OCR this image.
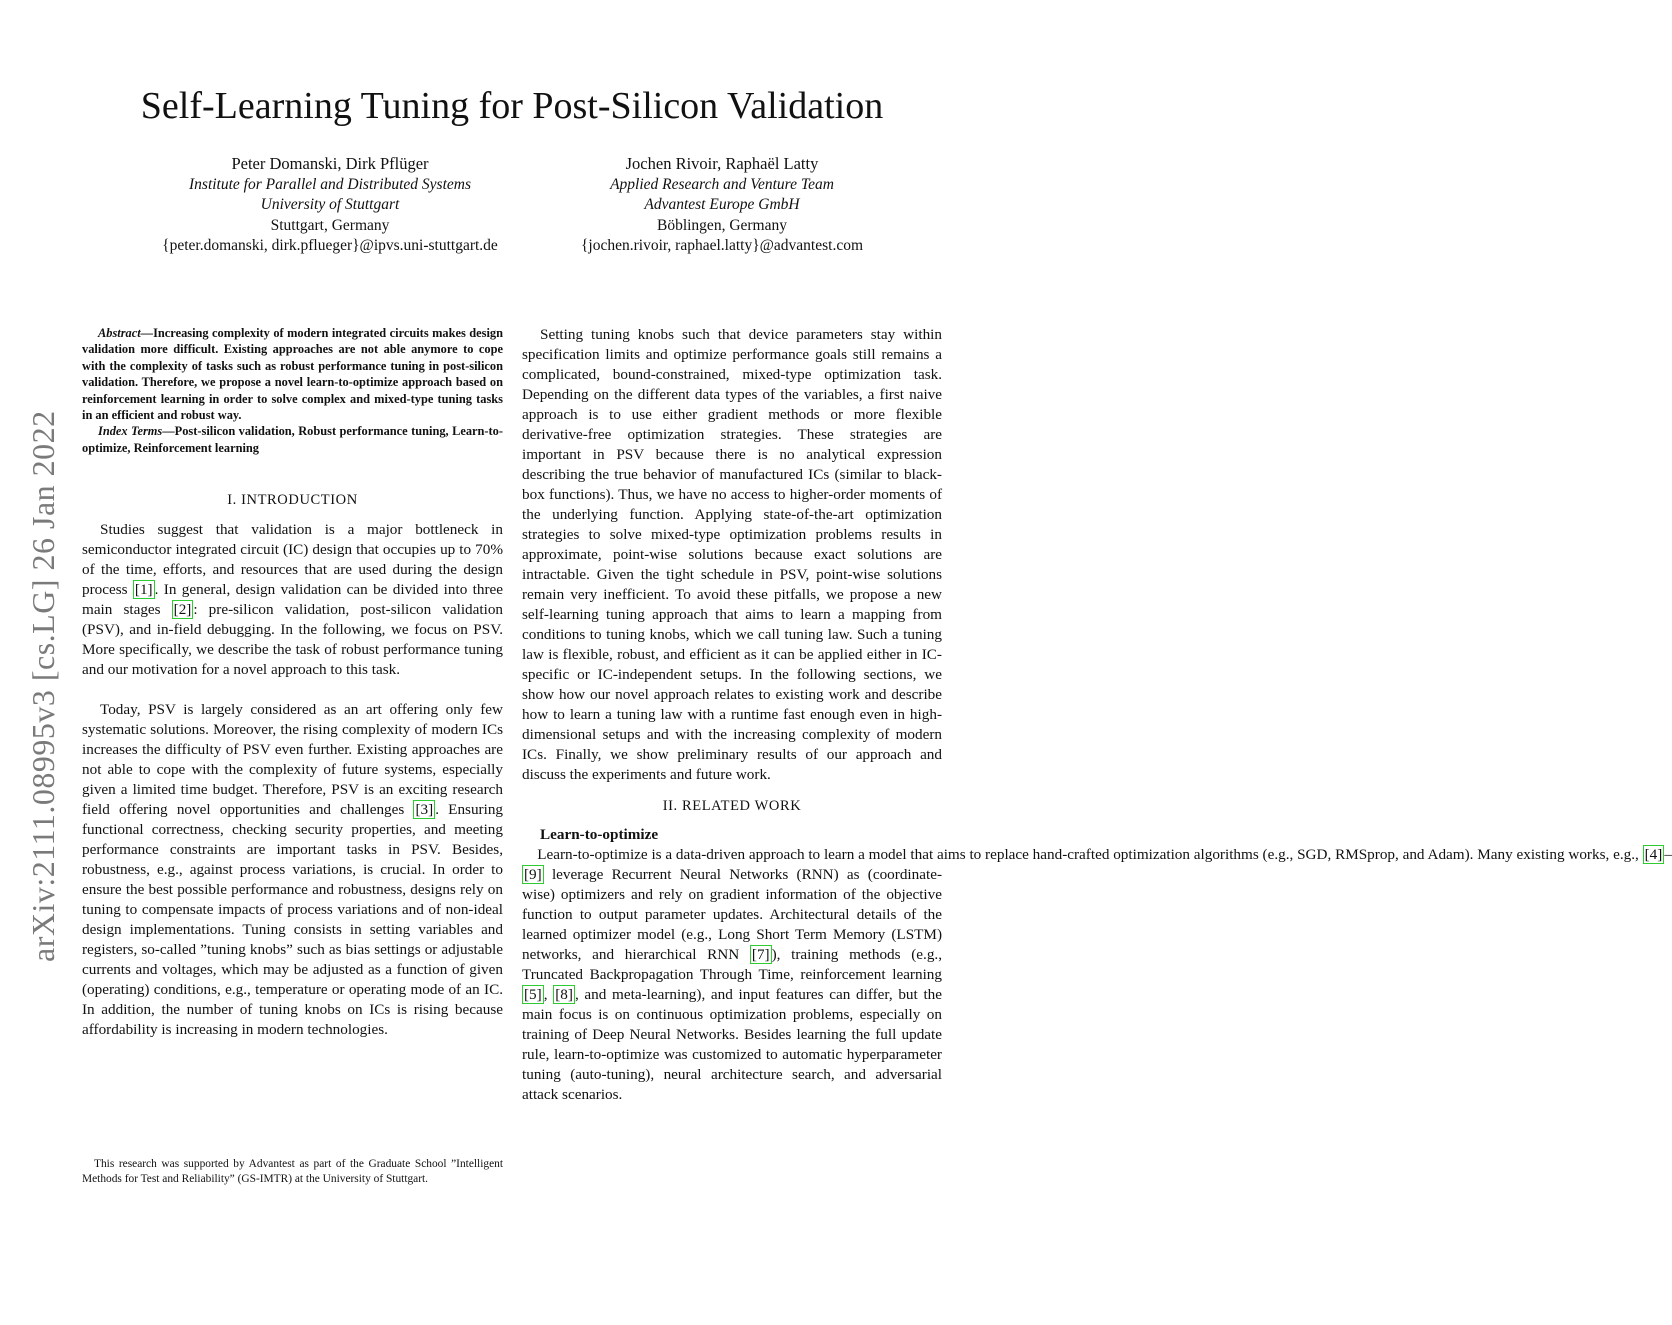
arXiv:2111.08995v3 [cs.LG] 26 Jan 2022
Self-Learning Tuning for Post-Silicon Validation
Peter Domanski, Dirk Pflüger
Institute for Parallel and Distributed Systems
University of Stuttgart
Stuttgart, Germany
{peter.domanski, dirk.pflueger}@ipvs.uni-stuttgart.de
Jochen Rivoir, Raphaël Latty
Applied Research and Venture Team
Advantest Europe GmbH
Böblingen, Germany
{jochen.rivoir, raphael.latty}@advantest.com

Abstract—Increasing complexity of modern integrated circuits makes design validation more difficult. Existing approaches are not able anymore to cope with the complexity of tasks such as robust performance tuning in post-silicon validation. Therefore, we propose a novel learn-to-optimize approach based on reinforcement learning in order to solve complex and mixed-type tuning tasks in an efficient and robust way.

Index Terms—Post-silicon validation, Robust performance tuning, Learn-to-optimize, Reinforcement learning

I. INTRODUCTION

Studies suggest that validation is a major bottleneck in semiconductor integrated circuit (IC) design that occupies up to 70% of the time, efforts, and resources that are used during the design process [1] . In general, design validation can be divided into three main stages [2] : pre-silicon validation, post-silicon validation (PSV), and in-field debugging. In the following, we focus on PSV. More specifically, we describe the task of robust performance tuning and our motivation for a novel approach to this task.

Today, PSV is largely considered as an art offering only few systematic solutions. Moreover, the rising complexity of modern ICs increases the difficulty of PSV even further. Existing approaches are not able to cope with the complexity of future systems, especially given a limited time budget. Therefore, PSV is an exciting research field offering novel opportunities and challenges [3] . Ensuring functional correctness, checking security properties, and meeting performance constraints are important tasks in PSV. Besides, robustness, e.g., against process variations, is crucial. In order to ensure the best possible performance and robustness, designs rely on tuning to compensate impacts of process variations and of non-ideal design implementations. Tuning consists in setting variables and registers, so-called ”tuning knobs” such as bias settings or adjustable currents and voltages, which may be adjusted as a function of given (operating) conditions, e.g., temperature or operating mode of an IC. In addition, the number of tuning knobs on ICs is rising because affordability is increasing in modern technologies.

This research was supported by Advantest as part of the Graduate School ”Intelligent Methods for Test and Reliability” (GS-IMTR) at the University of Stuttgart.

Setting tuning knobs such that device parameters stay within specification limits and optimize performance goals still remains a complicated, bound-constrained, mixed-type optimization task. Depending on the different data types of the variables, a first naive approach is to use either gradient methods or more flexible derivative-free optimization strategies. These strategies are important in PSV because there is no analytical expression describing the true behavior of manufactured ICs (similar to black-box functions). Thus, we have no access to higher-order moments of the underlying function. Applying state-of-the-art optimization strategies to solve mixed-type optimization problems results in approximate, point-wise solutions because exact solutions are intractable. Given the tight schedule in PSV, point-wise solutions remain very inefficient. To avoid these pitfalls, we propose a new self-learning tuning approach that aims to learn a mapping from conditions to tuning knobs, which we call tuning law. Such a tuning law is flexible, robust, and efficient as it can be applied either in IC-specific or IC-independent setups. In the following sections, we show how our novel approach relates to existing work and describe how to learn a tuning law with a runtime fast enough even in high-dimensional setups and with the increasing complexity of modern ICs. Finally, we show preliminary results of our approach and discuss the experiments and future work.

II. RELATED WORK

Learn-to-optimize    Learn-to-optimize is a data-driven approach to learn a model that aims to replace hand-crafted optimization algorithms (e.g., SGD, RMSprop, and Adam). Many existing works, e.g., [4] –[9] leverage Recurrent Neural Networks (RNN) as (coordinate-wise) optimizers and rely on gradient information of the objective function to output parameter updates. Architectural details of the learned optimizer model (e.g., Long Short Term Memory (LSTM) networks, and hierarchical RNN [7] ), training methods (e.g., Truncated Backpropagation Through Time, reinforcement learning [5] , [8] , and meta-learning), and input features can differ, but the main focus is on continuous optimization problems, especially on training of Deep Neural Networks. Besides learning the full update rule, learn-to-optimize was customized to automatic hyperparameter tuning (auto-tuning), neural architecture search, and adversarial attack scenarios.
